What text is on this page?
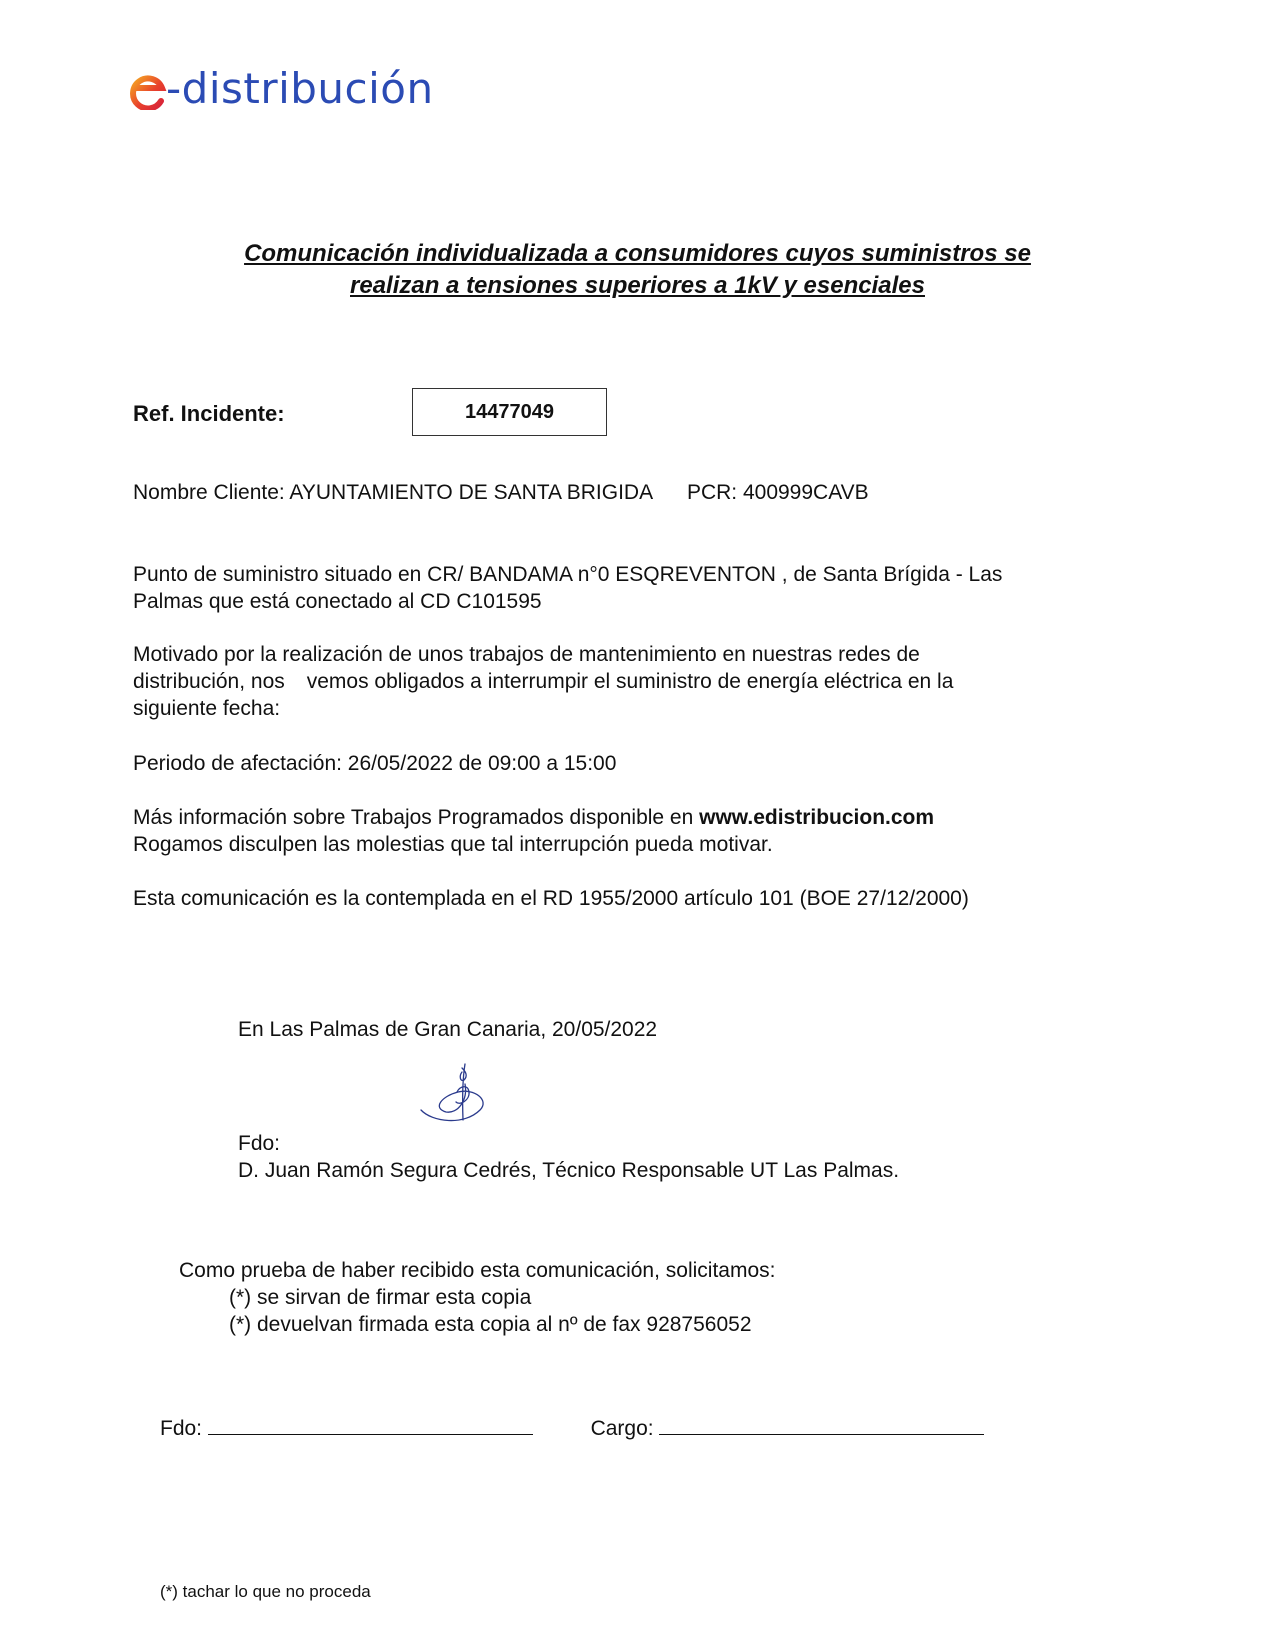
-distribución
Comunicación individualizada a consumidores cuyos suministros se
realizan a tensiones superiores a 1kV y esenciales
Ref. Incidente:	14477049
Nombre Cliente: AYUNTAMIENTO DE SANTA BRIGIDA PCR: 400999CAVB
Punto de suministro situado en CR/ BANDAMA n°0 ESQREVENTON , de Santa Brígida - Las
Palmas que está conectado al CD C101595
Motivado por la realización de unos trabajos de mantenimiento en nuestras redes de
distribución, nos vemos obligados a interrumpir el suministro de energía eléctrica en la
siguiente fecha:
Periodo de afectación: 26/05/2022 de 09:00 a 15:00
Más información sobre Trabajos Programados disponible en www.edistribucion.com
Rogamos disculpen las molestias que tal interrupción pueda motivar.
Esta comunicación es la contemplada en el RD 1955/2000 artículo 101 (BOE 27/12/2000)
En Las Palmas de Gran Canaria, 20/05/2022
Fdo:
D. Juan Ramón Segura Cedrés, Técnico Responsable UT Las Palmas.
Como prueba de haber recibido esta comunicación, solicitamos:
(*) se sirvan de firmar esta copia
(*) devuelvan firmada esta copia al nº de fax 928756052
Fdo:	Cargo:
(*) tachar lo que no proceda
